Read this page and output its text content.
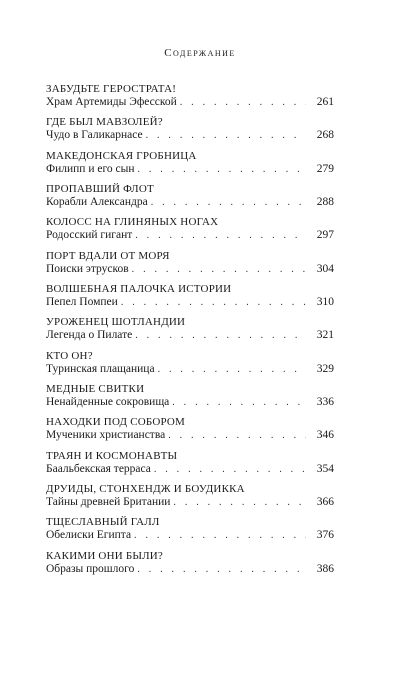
Содержание
ЗАБУДЬТЕ ГЕРОСТРАТА!
Храм Артемиды Эфесской . . .	261
ГДЕ БЫЛ МАВЗОЛЕЙ?
Чудо в Галикарнасе . . .	268
МАКЕДОНСКАЯ ГРОБНИЦА
Филипп и его сын . . .	279
ПРОПАВШИЙ ФЛОТ
Корабли Александра . . .	288
КОЛОСС НА ГЛИНЯНЫХ НОГАХ
Родосский гигант . . .	297
ПОРТ ВДАЛИ ОТ МОРЯ
Поиски этрусков . . .	304
ВОЛШЕБНАЯ ПАЛОЧКА ИСТОРИИ
Пепел Помпеи . . .	310
УРОЖЕНЕЦ ШОТЛАНДИИ
Легенда о Пилате . . .	321
КТО ОН?
Туринская плащаница . . .	329
МЕДНЫЕ СВИТКИ
Ненайденные сокровища . . .	336
НАХОДКИ ПОД СОБОРОМ
Мученики христианства . . .	346
ТРАЯН И КОСМОНАВТЫ
Баальбекская терраса . . .	354
ДРУИДЫ, СТОНХЕНДЖ И БОУДИККА
Тайны древней Британии . . .	366
ТЩЕСЛАВНЫЙ ГАЛЛ
Обелиски Египта . . .	376
КАКИМИ ОНИ БЫЛИ?
Образы прошлого . . .	386
